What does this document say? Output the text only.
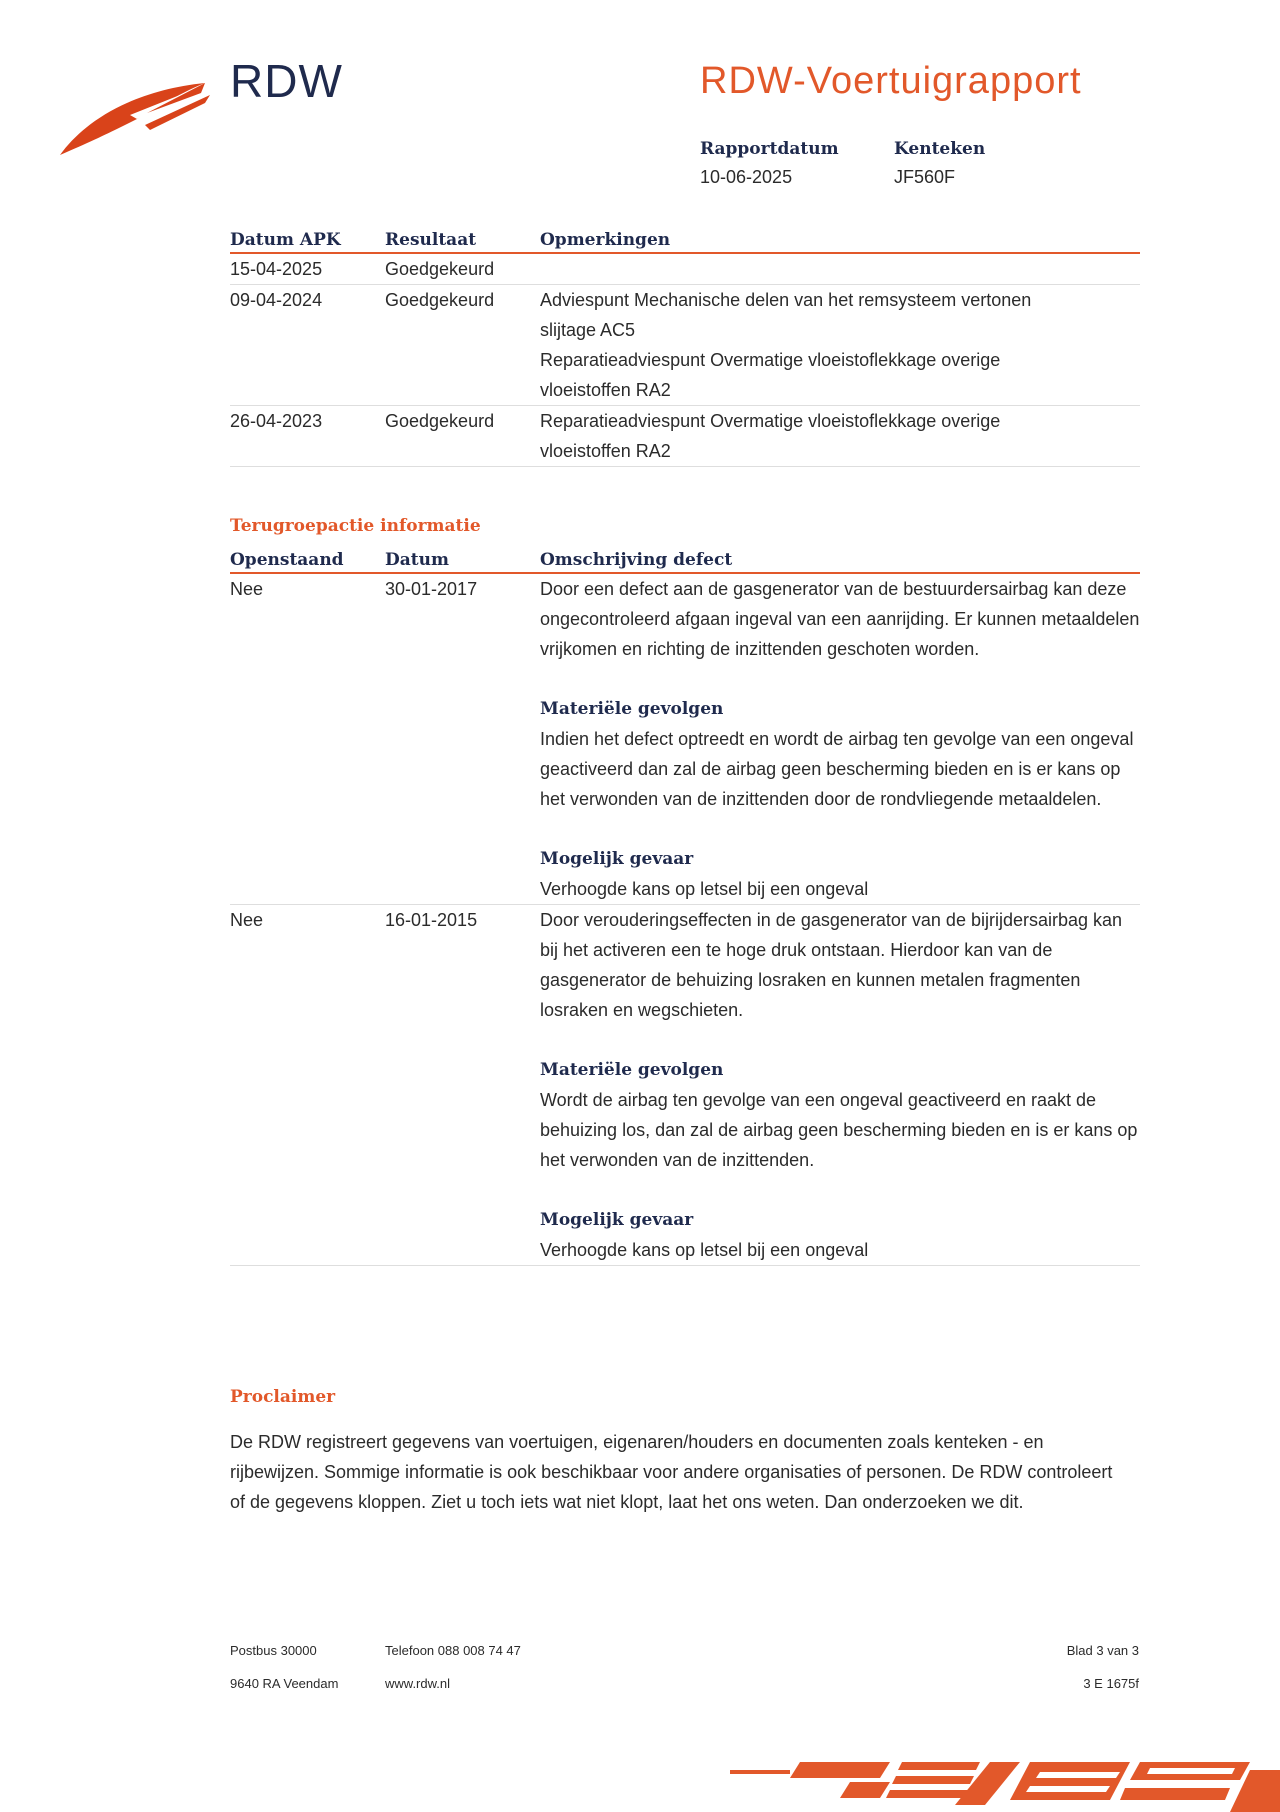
RDW	RDW-Voertuigrapport
Rapportdatum
10-06-2025
Kenteken
JF560F
Datum APK	Resultaat	Opmerkingen
15-04-2025	Goedgekeurd
09-04-2024	Goedgekeurd	Adviespunt Mechanische delen van het remsysteem vertonen slijtage AC5
Reparatieadviespunt Overmatige vloeistoflekkage overige vloeistoffen RA2
26-04-2023	Goedgekeurd	Reparatieadviespunt Overmatige vloeistoflekkage overige vloeistoffen RA2
Terugroepactie informatie
Openstaand	Datum	Omschrijving defect
Nee	30-01-2017	Door een defect aan de gasgenerator van de bestuurdersairbag kan deze ongecontroleerd afgaan ingeval van een aanrijding. Er kunnen metaaldelen vrijkomen en richting de inzittenden geschoten worden.
Materiële gevolgen
Indien het defect optreedt en wordt de airbag ten gevolge van een ongeval geactiveerd dan zal de airbag geen bescherming bieden en is er kans op het verwonden van de inzittenden door de rondvliegende metaaldelen.
Mogelijk gevaar
Verhoogde kans op letsel bij een ongeval
Nee	16-01-2015	Door verouderingseffecten in de gasgenerator van de bijrijdersairbag kan bij het activeren een te hoge druk ontstaan. Hierdoor kan van de gasgenerator de behuizing losraken en kunnen metalen fragmenten losraken en wegschieten.
Materiële gevolgen
Wordt de airbag ten gevolge van een ongeval geactiveerd en raakt de behuizing los, dan zal de airbag geen bescherming bieden en is er kans op het verwonden van de inzittenden.
Mogelijk gevaar
Verhoogde kans op letsel bij een ongeval
Proclaimer
De RDW registreert gegevens van voertuigen, eigenaren/houders en documenten zoals kenteken - en rijbewijzen. Sommige informatie is ook beschikbaar voor andere organisaties of personen. De RDW controleert of de gegevens kloppen. Ziet u toch iets wat niet klopt, laat het ons weten. Dan onderzoeken we dit.
Postbus 30000
9640 RA Veendam
Telefoon 088 008 74 47
www.rdw.nl
Blad 3 van 3
3 E 1675f
